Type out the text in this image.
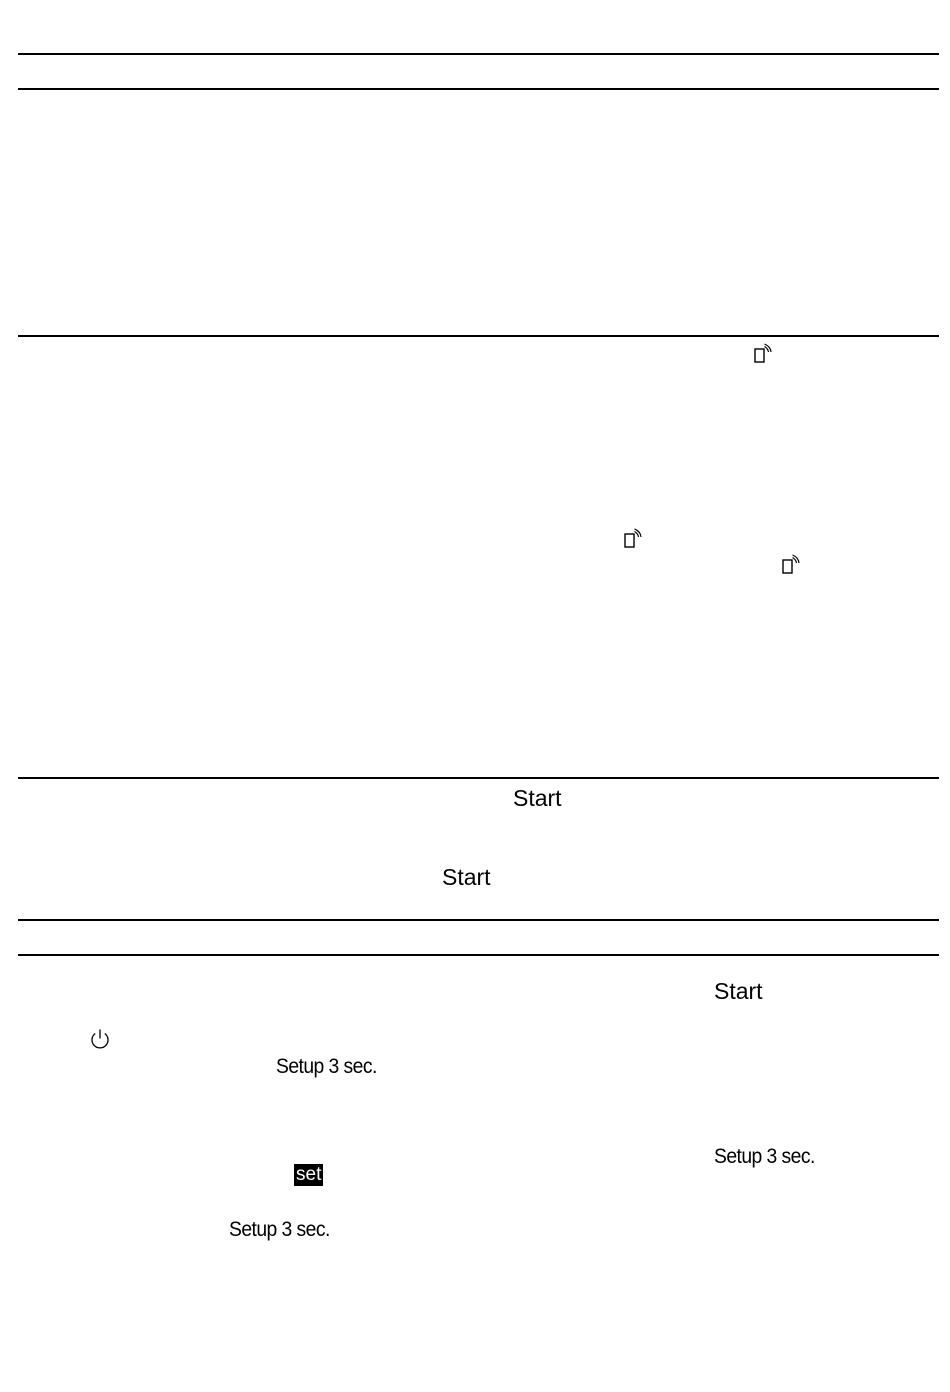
Start
Start
Start
Setup 3 sec.
Setup 3 sec.
Setup 3 sec.
set
